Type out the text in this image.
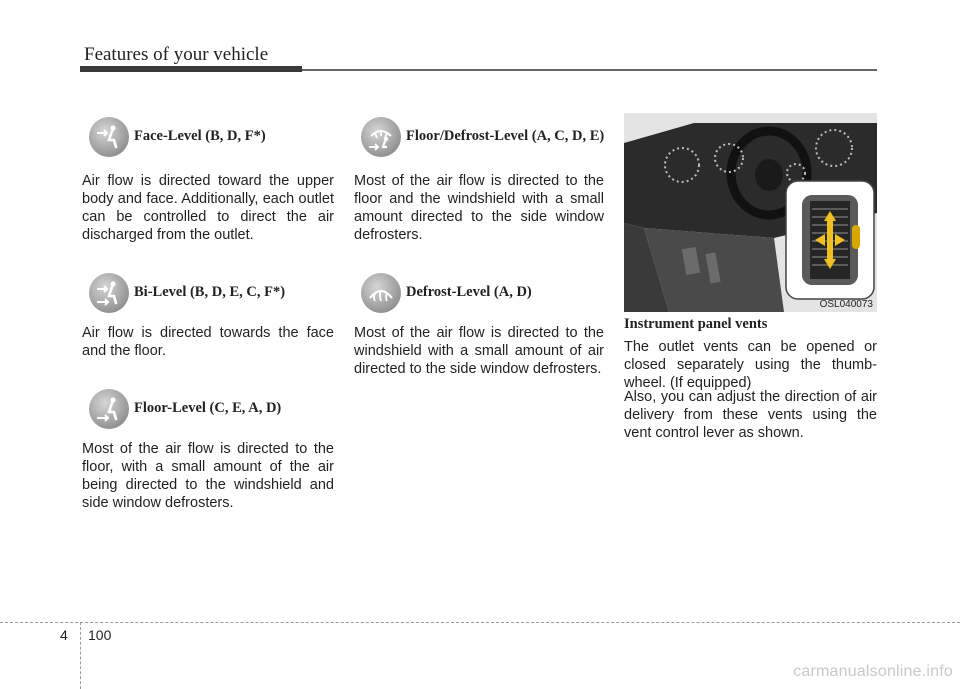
Features of your vehicle
Face-Level (B, D, F*)

Air flow is directed toward the upper body and face. Additionally, each outlet can be controlled to direct the air discharged from the outlet.

Bi-Level (B, D, E, C, F*)

Air flow is directed towards the face and the floor.

Floor-Level (C, E, A, D)

Most of the air flow is directed to the floor, with a small amount of the air being directed to the windshield and side window defrosters.

Floor/Defrost-Level (A, C, D, E)

Most of the air flow is directed to the floor and the windshield with a small amount directed to the side window defrosters.

Defrost-Level (A, D)

Most of the air flow is directed to the windshield with a small amount of air directed to the side window defrosters.

OSL040073
Instrument panel vents

The outlet vents can be opened or closed separately using the thumb-wheel. (If equipped)

Also, you can adjust the direction of air delivery from these vents using the vent control lever as shown.

4 100
carmanualsonline.info
